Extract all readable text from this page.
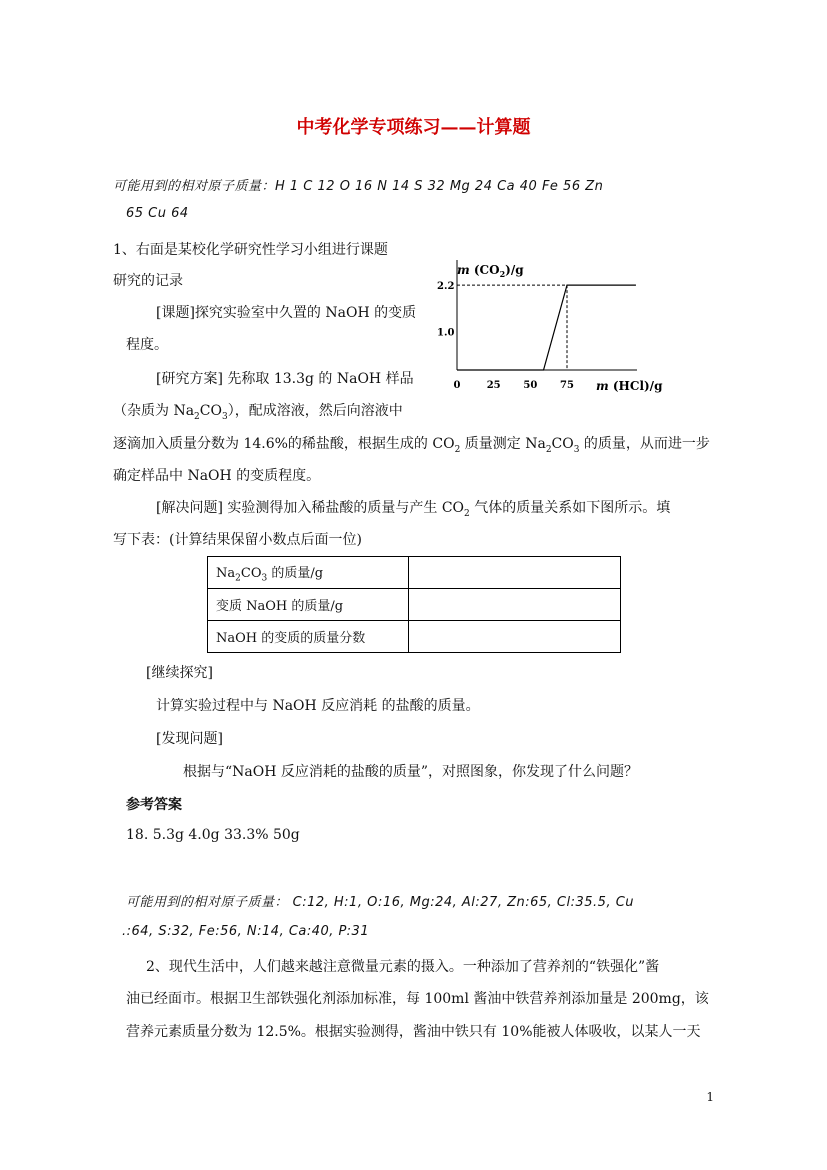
中考化学专项练习——计算题
可能用到的相对原子质量：H 1 C 12 O 16 N 14 S 32 Mg 24 Ca 40 Fe 56 Zn
65 Cu 64
1、右面是某校化学研究性学习小组进行课题
研究的记录
[课题]探究实验室中久置的 NaOH 的变质
程度。
[研究方案] 先称取 13.3g 的 NaOH 样品
（杂质为 $Na_2CO_3$），配成溶液，然后向溶液中
逐滴加入质量分数为 14.6%的稀盐酸，根据生成的 $CO_2$ 质量测定 $Na_2CO_3$ 的质量，从而进一步
确定样品中 NaOH 的变质程度。
[解决问题] 实验测得加入稀盐酸的质量与产生 $CO_2$ 气体的质量关系如下图所示。填
写下表：(计算结果保留小数点后面一位)
m $(CO_2)/g$
m (HCl)/g
0	25 50 75
2.2
1.0
$Na_2CO_3$ 的质量/g	
变质 NaOH 的质量/g	
NaOH 的变质的质量分数	
[继续探究]
计算实验过程中与 NaOH 反应消耗 的盐酸的质量。
[发现问题]
根据与“NaOH 反应消耗的盐酸的质量”，对照图象，你发现了什么问题？
参考答案
18. 5.3g 4.0g 33.3% 50g
可能用到的相对原子质量： C:12, H:1, O:16, Mg:24, Al:27, Zn:65, Cl:35.5, Cu
.:64, S:32, Fe:56, N:14, Ca:40, P:31
2、现代生活中，人们越来越注意微量元素的摄入。一种添加了营养剂的“铁强化”酱
油已经面市。根据卫生部铁强化剂添加标准，每 100ml 酱油中铁营养剂添加量是 200mg，该
营养元素质量分数为 12.5%。根据实验测得，酱油中铁只有 10%能被人体吸收，以某人一天
1
